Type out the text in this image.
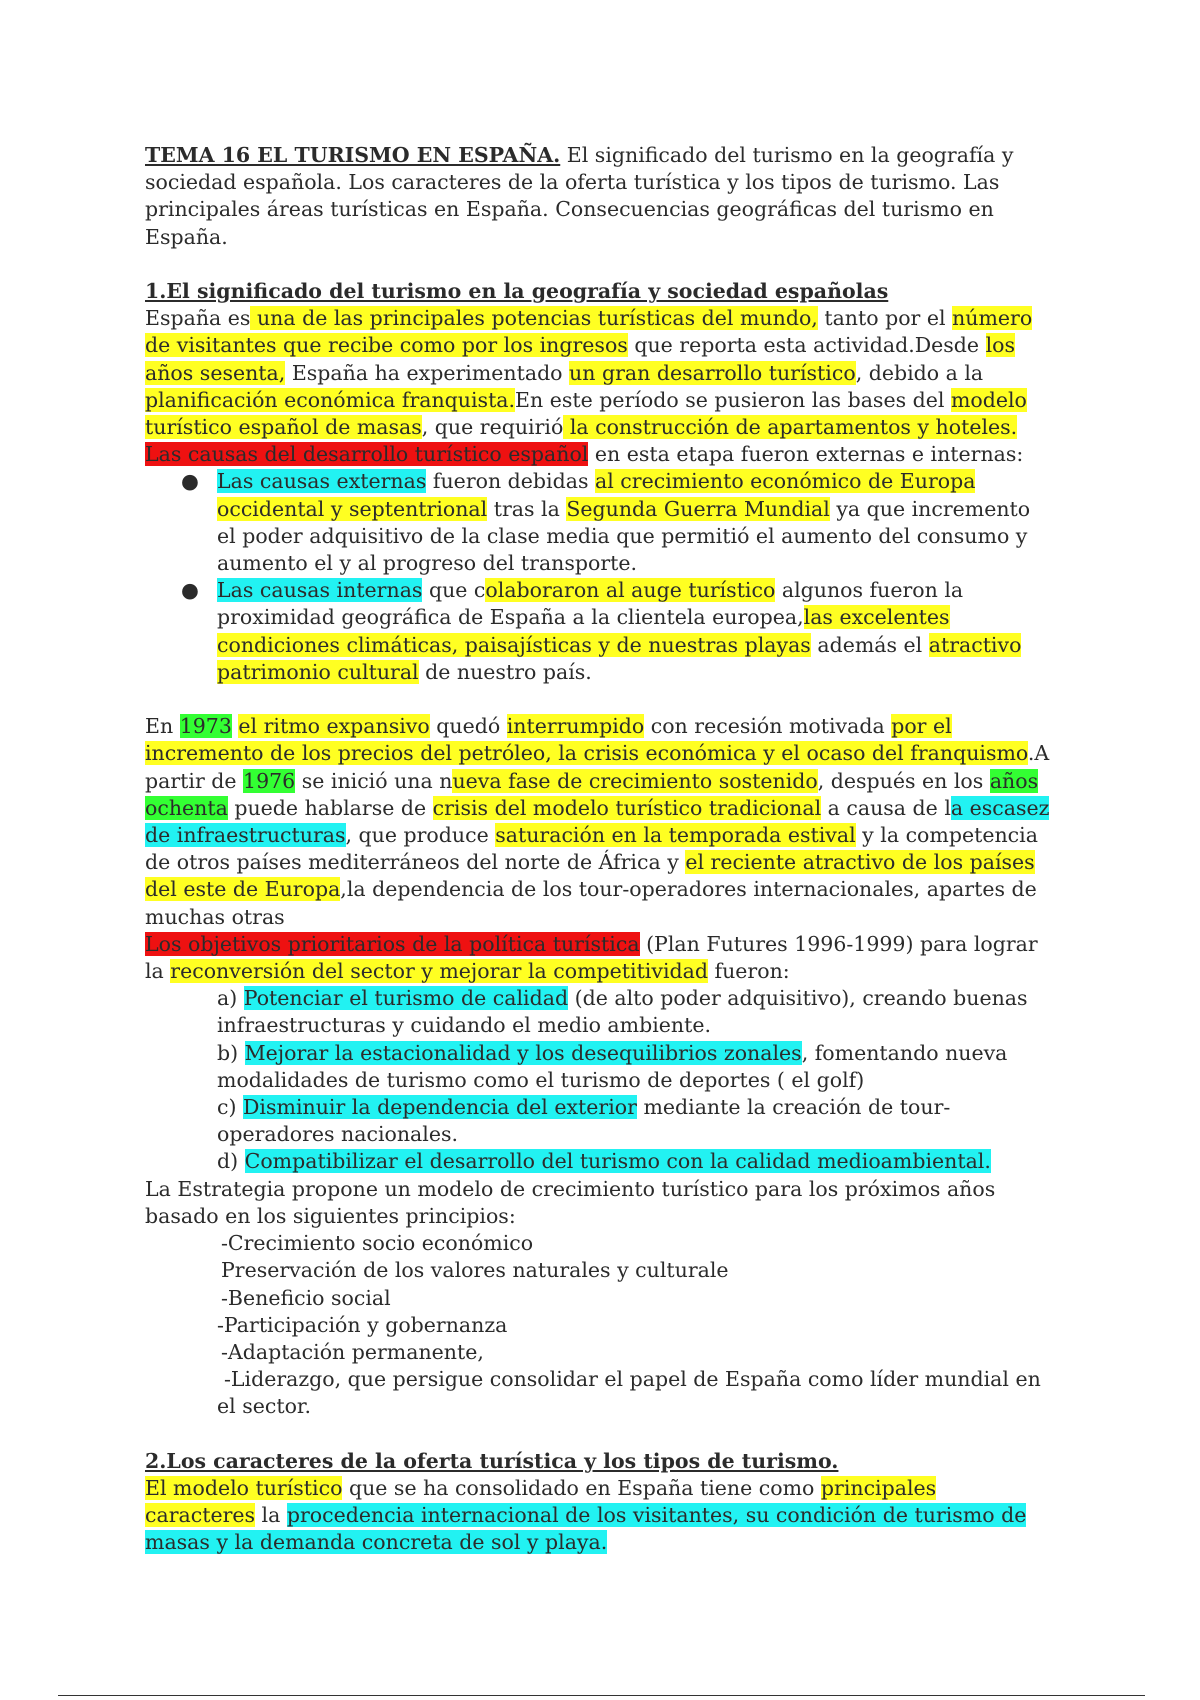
TEMA 16 EL TURISMO EN ESPAÑA. El significado del turismo en la geografía y sociedad española. Los caracteres de la oferta turística y los tipos de turismo. Las principales áreas turísticas en España. Consecuencias geográficas del turismo en España.

1.El significado del turismo en la geografía y sociedad españolas

España es una de las principales potencias turísticas del mundo, tanto por el número de visitantes que recibe como por los ingresos que reporta esta actividad.Desde los años sesenta, España ha experimentado un gran desarrollo turístico, debido a la planificación económica franquista.En este período se pusieron las bases del modelo turístico español de masas, que requirió la construcción de apartamentos y hoteles.

Las causas del desarrollo turístico español en esta etapa fueron externas e internas:

● Las causas externas fueron debidas al crecimiento económico de Europa occidental y septentrional tras la Segunda Guerra Mundial ya que incremento el poder adquisitivo de la clase media que permitió el aumento del consumo y aumento el y al progreso del transporte.
● Las causas internas que colaboraron al auge turístico algunos fueron la proximidad geográfica de España a la clientela europea,las excelentes condiciones climáticas, paisajísticas y de nuestras playas además el atractivo patrimonio cultural de nuestro país.

En 1973 el ritmo expansivo quedó interrumpido con recesión motivada por el incremento de los precios del petróleo, la crisis económica y el ocaso del franquismo.A partir de 1976 se inició una nueva fase de crecimiento sostenido, después en los años ochenta puede hablarse de crisis del modelo turístico tradicional a causa de la escasez de infraestructuras, que produce saturación en la temporada estival y la competencia de otros países mediterráneos del norte de África y el reciente atractivo de los países del este de Europa,la dependencia de los tour-operadores internacionales, apartes de muchas otras

Los objetivos prioritarios de la política turística (Plan Futures 1996-1999) para lograr la reconversión del sector y mejorar la competitividad fueron:

a) Potenciar el turismo de calidad (de alto poder adquisitivo), creando buenas infraestructuras y cuidando el medio ambiente.
b) Mejorar la estacionalidad y los desequilibrios zonales, fomentando nueva modalidades de turismo como el turismo de deportes ( el golf)
c) Disminuir la dependencia del exterior mediante la creación de tour-operadores nacionales.
d) Compatibilizar el desarrollo del turismo con la calidad medioambiental.

La Estrategia propone un modelo de crecimiento turístico para los próximos años basado en los siguientes principios:

-Crecimiento socio económico
Preservación de los valores naturales y culturale
-Beneficio social
-Participación y gobernanza
-Adaptación permanente,
-Liderazgo, que persigue consolidar el papel de España como líder mundial en el sector.

2.Los caracteres de la oferta turística y los tipos de turismo.

El modelo turístico que se ha consolidado en España tiene como principales caracteres la procedencia internacional de los visitantes, su condición de turismo de masas y la demanda concreta de sol y playa.
